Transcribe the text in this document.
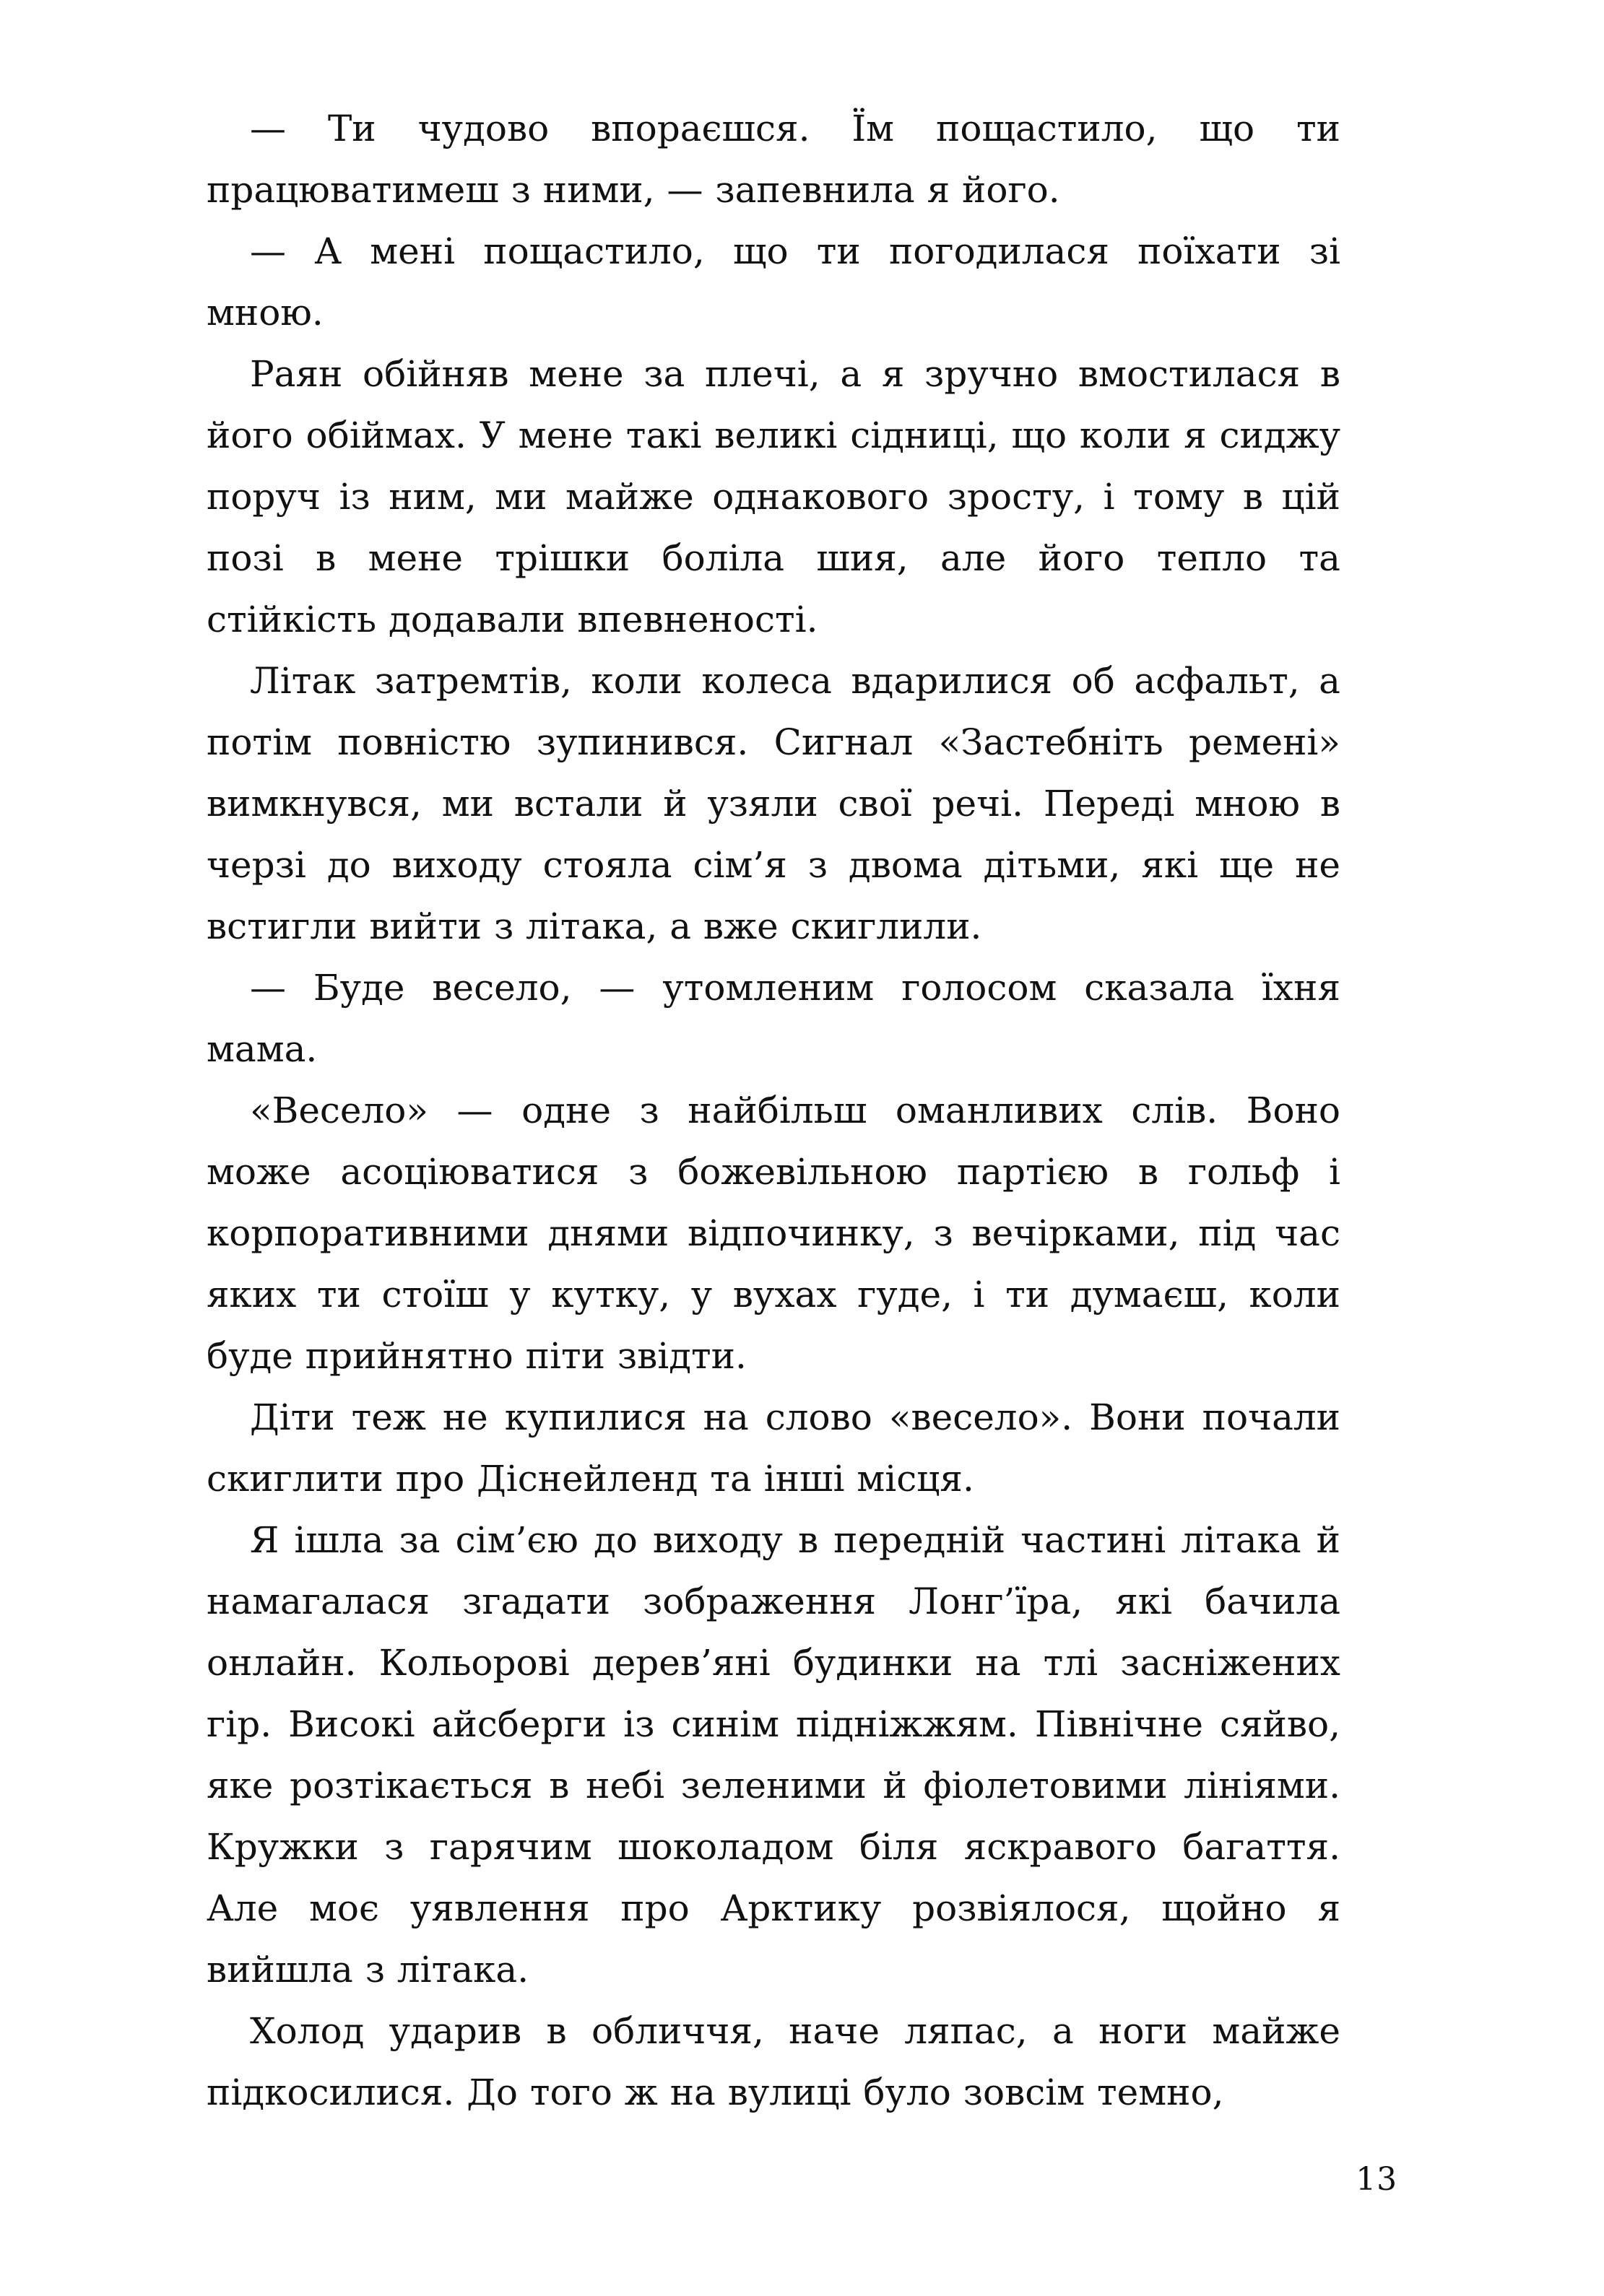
— Ти чудово впораєшся. Їм пощастило, що ти працюватимеш з ними, — запевнила я його.

— А мені пощастило, що ти погодилася поїхати зі мною.

Раян обійняв мене за плечі, а я зручно вмостилася в його обіймах. У мене такі великі сідниці, що коли я сиджу поруч із ним, ми майже однакового зросту, і тому в цій позі в мене трішки боліла шия, але його тепло та стійкість додавали впевненості.

Літак затремтів, коли колеса вдарилися об асфальт, а потім повністю зупинився. Сигнал «Застебніть ремені» вимкнувся, ми встали й узяли свої речі. Переді мною в черзі до виходу стояла сім’я з двома дітьми, які ще не встигли вийти з літака, а вже скиглили.

— Буде весело, — утомленим голосом сказала їхня мама.

«Весело» — одне з найбільш оманливих слів. Воно може асоціюватися з божевільною партією в гольф і корпоративними днями відпочинку, з вечірками, під час яких ти стоїш у кутку, у вухах гуде, і ти думаєш, коли буде прийнятно піти звідти.

Діти теж не купилися на слово «весело». Вони почали скиглити про Діснейленд та інші місця.

Я ішла за сім’єю до виходу в передній частині літака й намагалася згадати зображення Лонг’їра, які бачила онлайн. Кольорові дерев’яні будинки на тлі засніжених гір. Високі айсберги із синім підніжжям. Північне сяйво, яке розтікається в небі зеленими й фіолетовими лініями. Кружки з гарячим шоколадом біля яскравого багаття. Але моє уявлення про Арктику розвіялося, щойно я вийшла з літака.

Холод ударив в обличчя, наче ляпас, а ноги майже підкосилися. До того ж на вулиці було зовсім темно,

13
